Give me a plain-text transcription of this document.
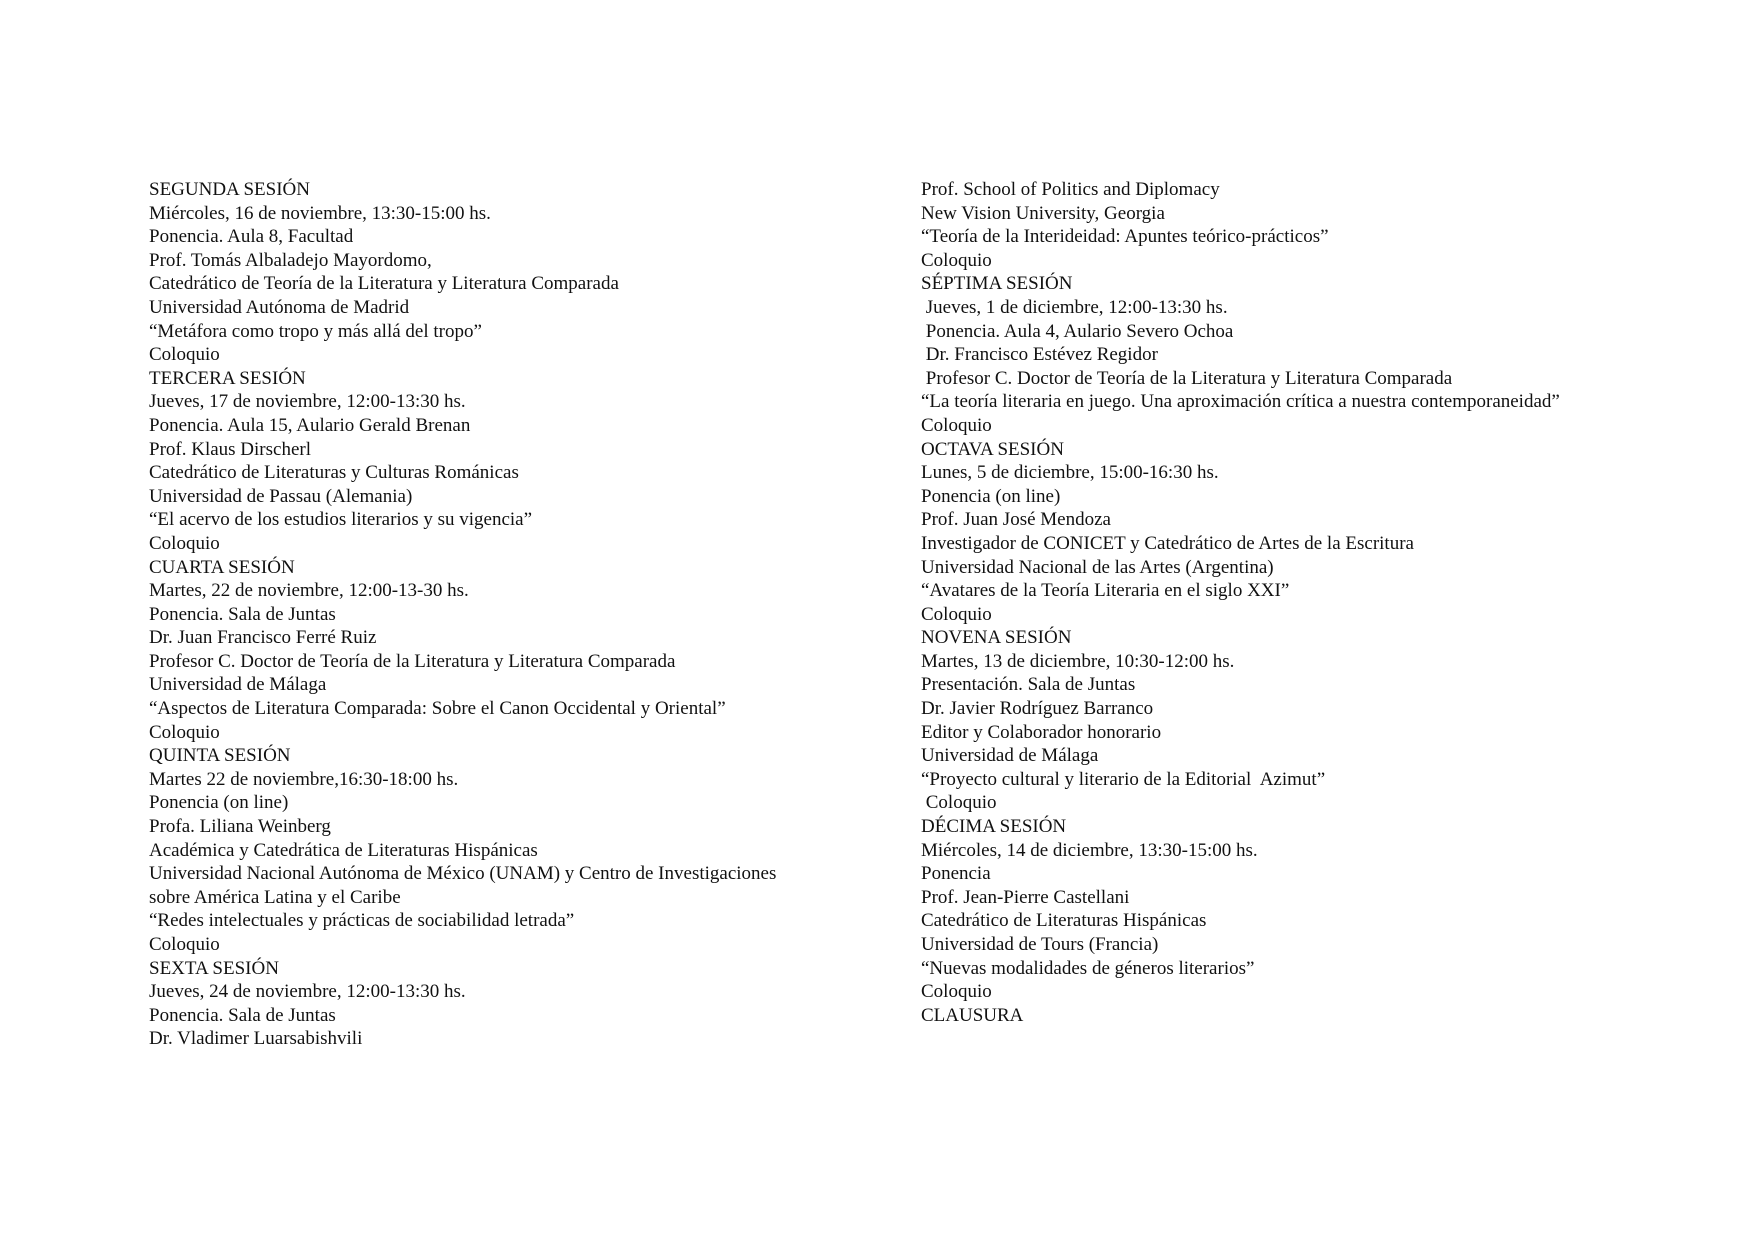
SEGUNDA SESIÓN
Miércoles, 16 de noviembre, 13:30-15:00 hs.
Ponencia. Aula 8, Facultad
Prof. Tomás Albaladejo Mayordomo,
Catedrático de Teoría de la Literatura y Literatura Comparada
Universidad Autónoma de Madrid
“Metáfora como tropo y más allá del tropo”
Coloquio
TERCERA SESIÓN
Jueves, 17 de noviembre, 12:00-13:30 hs.
Ponencia. Aula 15, Aulario Gerald Brenan
Prof. Klaus Dirscherl
Catedrático de Literaturas y Culturas Románicas
Universidad de Passau (Alemania)
“El acervo de los estudios literarios y su vigencia”
Coloquio
CUARTA SESIÓN
Martes, 22 de noviembre, 12:00-13-30 hs.
Ponencia. Sala de Juntas
Dr. Juan Francisco Ferré Ruiz
Profesor C. Doctor de Teoría de la Literatura y Literatura Comparada
Universidad de Málaga
“Aspectos de Literatura Comparada: Sobre el Canon Occidental y Oriental”
Coloquio
QUINTA SESIÓN
Martes 22 de noviembre,16:30-18:00 hs.
Ponencia (on line)
Profa. Liliana Weinberg
Académica y Catedrática de Literaturas Hispánicas
Universidad Nacional Autónoma de México (UNAM) y Centro de Investigaciones
sobre América Latina y el Caribe
“Redes intelectuales y prácticas de sociabilidad letrada”
Coloquio
SEXTA SESIÓN
Jueves, 24 de noviembre, 12:00-13:30 hs.
Ponencia. Sala de Juntas
Dr. Vladimer Luarsabishvili
Prof. School of Politics and Diplomacy
New Vision University, Georgia
“Teoría de la Interideidad: Apuntes teórico-prácticos”
Coloquio
SÉPTIMA SESIÓN
Jueves, 1 de diciembre, 12:00-13:30 hs.
Ponencia. Aula 4, Aulario Severo Ochoa
Dr. Francisco Estévez Regidor
Profesor C. Doctor de Teoría de la Literatura y Literatura Comparada
“La teoría literaria en juego. Una aproximación crítica a nuestra contemporaneidad”
Coloquio
OCTAVA SESIÓN
Lunes, 5 de diciembre, 15:00-16:30 hs.
Ponencia (on line)
Prof. Juan José Mendoza
Investigador de CONICET y Catedrático de Artes de la Escritura
Universidad Nacional de las Artes (Argentina)
“Avatares de la Teoría Literaria en el siglo XXI”
Coloquio
NOVENA SESIÓN
Martes, 13 de diciembre, 10:30-12:00 hs.
Presentación. Sala de Juntas
Dr. Javier Rodríguez Barranco
Editor y Colaborador honorario
Universidad de Málaga
“Proyecto cultural y literario de la Editorial  Azimut”
Coloquio
DÉCIMA SESIÓN
Miércoles, 14 de diciembre, 13:30-15:00 hs.
Ponencia
Prof. Jean-Pierre Castellani
Catedrático de Literaturas Hispánicas
Universidad de Tours (Francia)
“Nuevas modalidades de géneros literarios”
Coloquio
CLAUSURA
